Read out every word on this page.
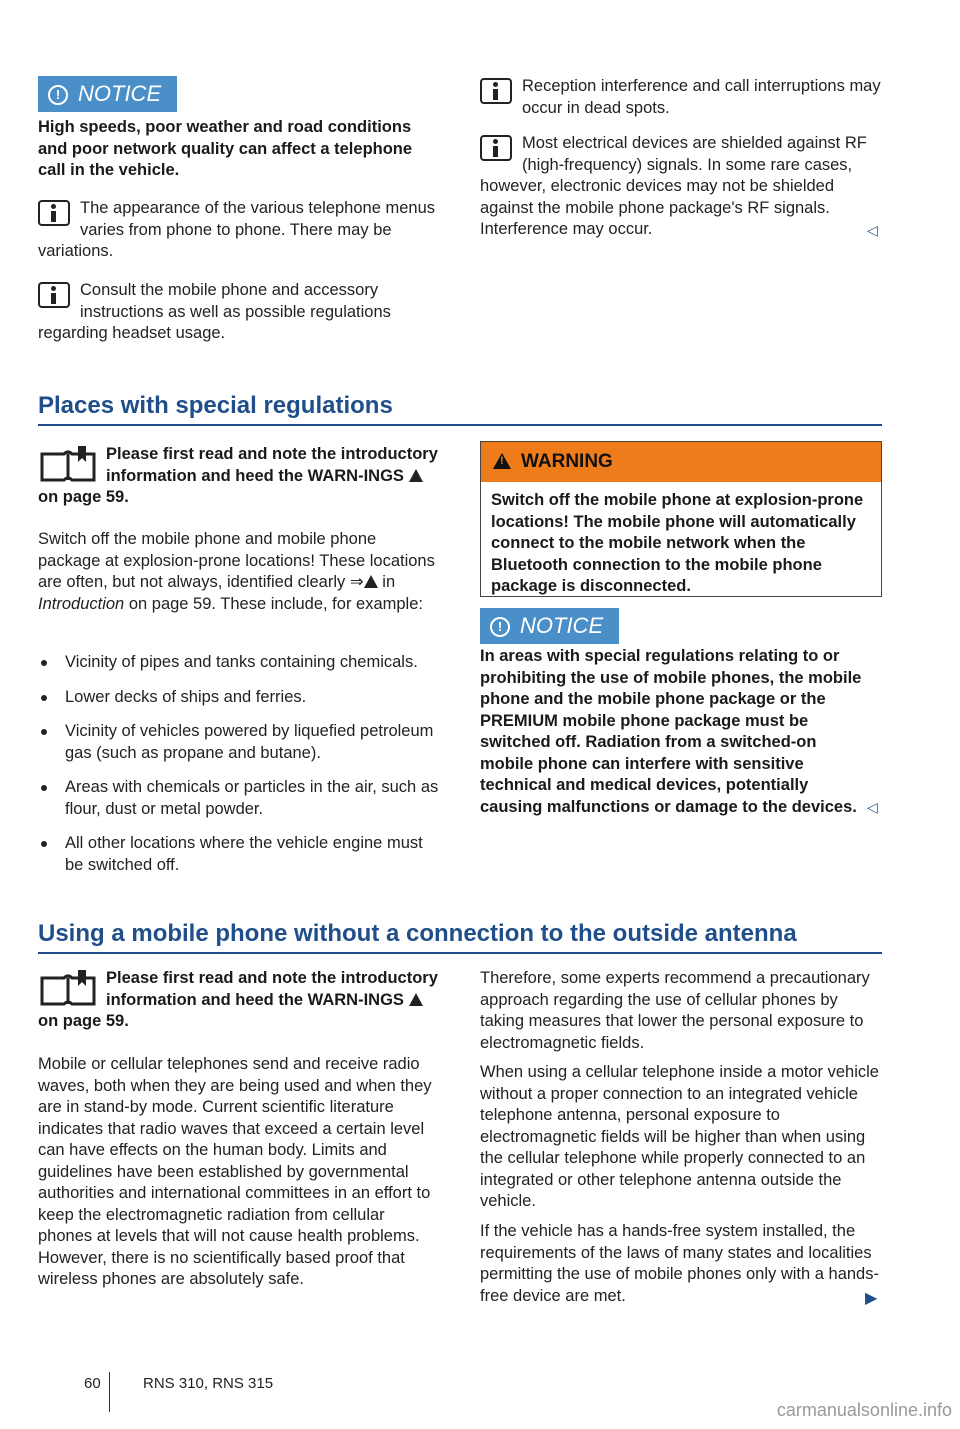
! NOTICE

High speeds, poor weather and road conditions and poor network quality can affect a telephone call in the vehicle.

The appearance of the various telephone menus varies from phone to phone. There may be variations.

Consult the mobile phone and accessory instructions as well as possible regulations regarding headset usage.

Places with special regulations
Please first read and note the introductory information and heed the WARN-INGS  on page 59.
Switch off the mobile phone and mobile phone package at explosion-prone locations! These locations are often, but not always, identified clearly ⇒ in Introduction on page 59. These include, for example:
Vicinity of pipes and tanks containing chemicals.
Lower decks of ships and ferries.
Vicinity of vehicles powered by liquefied petroleum gas (such as propane and butane).
Areas with chemicals or particles in the air, such as flour, dust or metal powder.
All other locations where the vehicle engine must be switched off.

Reception interference and call interruptions may occur in dead spots.

Most electrical devices are shielded against RF (high-frequency) signals. In some rare cases, however, electronic devices may not be shielded against the mobile phone package's RF signals. Interference may occur.	◁
! WARNING

Switch off the mobile phone at explosion-prone locations! The mobile phone will automatically connect to the mobile network when the Bluetooth connection to the mobile phone package is disconnected.

! NOTICE

In areas with special regulations relating to or prohibiting the use of mobile phones, the mobile phone and the mobile phone package or the PREMIUM mobile phone package must be switched off. Radiation from a switched-on mobile phone can interfere with sensitive technical and medical devices, potentially causing malfunctions or damage to the devices. ◁
Using a mobile phone without a connection to the outside antenna
Please first read and note the introductory information and heed the WARN-INGS  on page 59.

Mobile or cellular telephones send and receive radio waves, both when they are being used and when they are in stand-by mode. Current scientific literature indicates that radio waves that exceed a certain level can have effects on the human body. Limits and guidelines have been established by governmental authorities and international committees in an effort to keep the electromagnetic radiation from cellular phones at levels that will not cause health problems. However, there is no scientifically based proof that wireless phones are absolutely safe.

Therefore, some experts recommend a precautionary approach regarding the use of cellular phones by taking measures that lower the personal exposure to electromagnetic fields.

When using a cellular telephone inside a motor vehicle without a proper connection to an integrated vehicle telephone antenna, personal exposure to electromagnetic fields will be higher than when using the cellular telephone while properly connected to an integrated or other telephone antenna outside the vehicle.

If the vehicle has a hands-free system installed, the requirements of the laws of many states and localities permitting the use of mobile phones only with a hands-free device are met.	▶
60	RNS 310, RNS 315
carmanualsonline.info
